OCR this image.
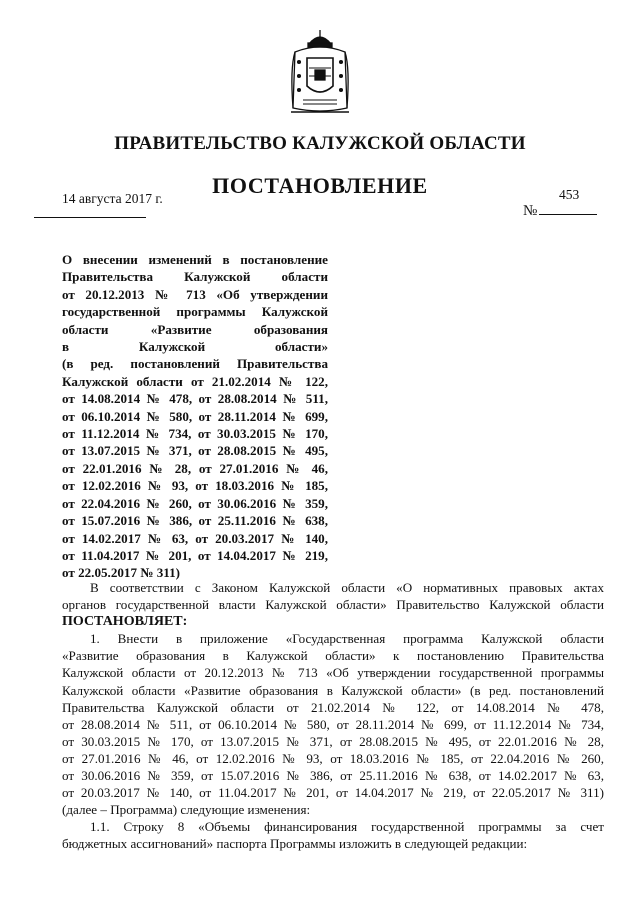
ПРАВИТЕЛЬСТВО КАЛУЖСКОЙ ОБЛАСТИ
ПОСТАНОВЛЕНИЕ
14 августа 2017 г.	453
№
О внесении изменений в постановление
Правительства Калужской области
от 20.12.2013 № 713 «Об утверждении
государственной программы Калужской
области «Развитие образования
в Калужской области»
(в ред. постановлений Правительства
Калужской области от 21.02.2014 № 122,
от 14.08.2014 № 478, от 28.08.2014 № 511,
от 06.10.2014 № 580, от 28.11.2014 № 699,
от 11.12.2014 № 734, от 30.03.2015 № 170,
от 13.07.2015 № 371, от 28.08.2015 № 495,
от 22.01.2016 № 28, от 27.01.2016 № 46,
от 12.02.2016 № 93, от 18.03.2016 № 185,
от 22.04.2016 № 260, от 30.06.2016 № 359,
от 15.07.2016 № 386, от 25.11.2016 № 638,
от 14.02.2017 № 63, от 20.03.2017 № 140,
от 11.04.2017 № 201, от 14.04.2017 № 219,
от 22.05.2017 № 311)
В соответствии с Законом Калужской области «О нормативных правовых актах
органов государственной власти Калужской области» Правительство Калужской области
ПОСТАНОВЛЯЕТ:
1. Внести в приложение «Государственная программа Калужской области
«Развитие образования в Калужской области» к постановлению Правительства
Калужской области от 20.12.2013 № 713 «Об утверждении государственной программы
Калужской области «Развитие образования в Калужской области» (в ред. постановлений
Правительства Калужской области от 21.02.2014 № 122, от 14.08.2014 № 478,
от 28.08.2014 № 511, от 06.10.2014 № 580, от 28.11.2014 № 699, от 11.12.2014 № 734,
от 30.03.2015 № 170, от 13.07.2015 № 371, от 28.08.2015 № 495, от 22.01.2016 № 28,
от 27.01.2016 № 46, от 12.02.2016 № 93, от 18.03.2016 № 185, от 22.04.2016 № 260,
от 30.06.2016 № 359, от 15.07.2016 № 386, от 25.11.2016 № 638, от 14.02.2017 № 63,
от 20.03.2017 № 140, от 11.04.2017 № 201, от 14.04.2017 № 219, от 22.05.2017 № 311)
(далее – Программа) следующие изменения:
1.1. Строку 8 «Объемы финансирования государственной программы за счет
бюджетных ассигнований» паспорта Программы изложить в следующей редакции:
